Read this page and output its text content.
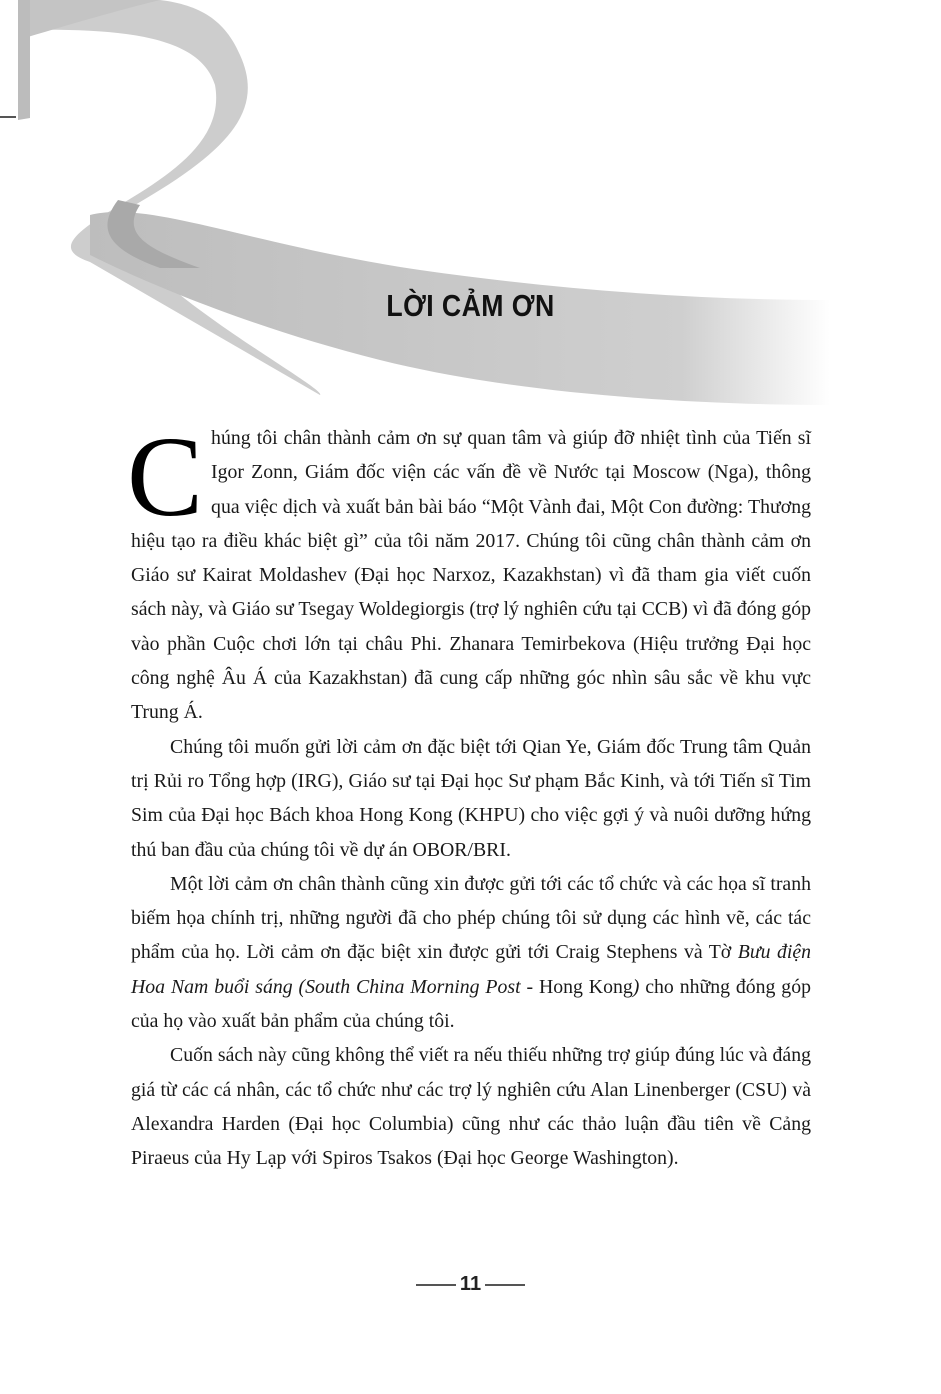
LỜI CẢM ƠN

Chúng tôi chân thành cảm ơn sự quan tâm và giúp đỡ nhiệt tình của Tiến sĩ Igor Zonn, Giám đốc viện các vấn đề về Nước tại Moscow (Nga), thông qua việc dịch và xuất bản bài báo “Một Vành đai, Một Con đường: Thương hiệu tạo ra điều khác biệt gì” của tôi năm 2017. Chúng tôi cũng chân thành cảm ơn Giáo sư Kairat Moldashev (Đại học Narxoz, Kazakhstan) vì đã tham gia viết cuốn sách này, và Giáo sư Tsegay Woldegiorgis (trợ lý nghiên cứu tại CCB) vì đã đóng góp vào phần Cuộc chơi lớn tại châu Phi. Zhanara Temirbekova (Hiệu trưởng Đại học công nghệ Âu Á của Kazakhstan) đã cung cấp những góc nhìn sâu sắc về khu vực Trung Á.

Chúng tôi muốn gửi lời cảm ơn đặc biệt tới Qian Ye, Giám đốc Trung tâm Quản trị Rủi ro Tổng hợp (IRG), Giáo sư tại Đại học Sư phạm Bắc Kinh, và tới Tiến sĩ Tim Sim của Đại học Bách khoa Hong Kong (KHPU) cho việc gợi ý và nuôi dưỡng hứng thú ban đầu của chúng tôi về dự án OBOR/BRI.

Một lời cảm ơn chân thành cũng xin được gửi tới các tổ chức và các họa sĩ tranh biếm họa chính trị, những người đã cho phép chúng tôi sử dụng các hình vẽ, các tác phẩm của họ. Lời cảm ơn đặc biệt xin được gửi tới Craig Stephens và Tờ Bưu điện Hoa Nam buổi sáng (South China Morning Post - Hong Kong) cho những đóng góp của họ vào xuất bản phẩm của chúng tôi.

Cuốn sách này cũng không thể viết ra nếu thiếu những trợ giúp đúng lúc và đáng giá từ các cá nhân, các tổ chức như các trợ lý nghiên cứu Alan Linenberger (CSU) và Alexandra Harden (Đại học Columbia) cũng như các thảo luận đầu tiên về Cảng Piraeus của Hy Lạp với Spiros Tsakos (Đại học George Washington).

11
